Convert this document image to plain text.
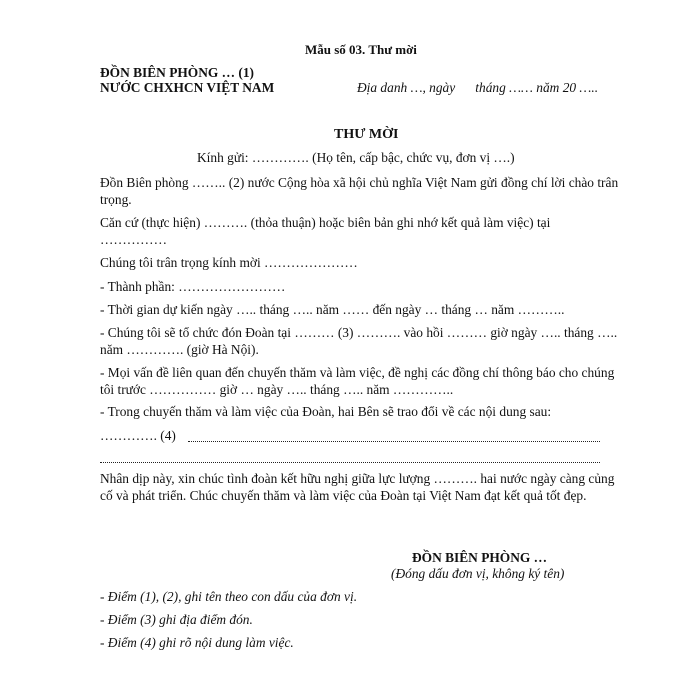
Mẫu số 03. Thư mời
ĐỒN BIÊN PHÒNG … (1)
NƯỚC CHXHCN VIỆT NAM	Địa danh …, ngày      tháng …… năm 20 …..
THƯ MỜI
Kính gửi: …………. (Họ tên, cấp bậc, chức vụ, đơn vị ….)
Đồn Biên phòng …….. (2) nước Cộng hòa xã hội chủ nghĩa Việt Nam gửi đồng chí lời chào trân trọng.
Căn cứ (thực hiện) ………. (thỏa thuận) hoặc biên bản ghi nhớ kết quả làm việc) tại ……………
Chúng tôi trân trọng kính mời …………………
- Thành phần: ……………………
- Thời gian dự kiến ngày ….. tháng ….. năm …… đến ngày … tháng … năm ………..
- Chúng tôi sẽ tổ chức đón Đoàn tại ……… (3) ………. vào hồi ……… giờ ngày ….. tháng ….. năm …………. (giờ Hà Nội).
- Mọi vấn đề liên quan đến chuyến thăm và làm việc, đề nghị các đồng chí thông báo cho chúng tôi trước …………… giờ … ngày ….. tháng ….. năm …………..
- Trong chuyến thăm và làm việc của Đoàn, hai Bên sẽ trao đổi về các nội dung sau:
…………. (4)
Nhân dịp này, xin chúc tình đoàn kết hữu nghị giữa lực lượng ………. hai nước ngày càng củng cố và phát triển. Chúc chuyến thăm và làm việc của Đoàn tại Việt Nam đạt kết quả tốt đẹp.
ĐỒN BIÊN PHÒNG …
(Đóng dấu đơn vị, không ký tên)
- Điểm (1), (2), ghi tên theo con dấu của đơn vị.
- Điểm (3) ghi địa điểm đón.
- Điểm (4) ghi rõ nội dung làm việc.
